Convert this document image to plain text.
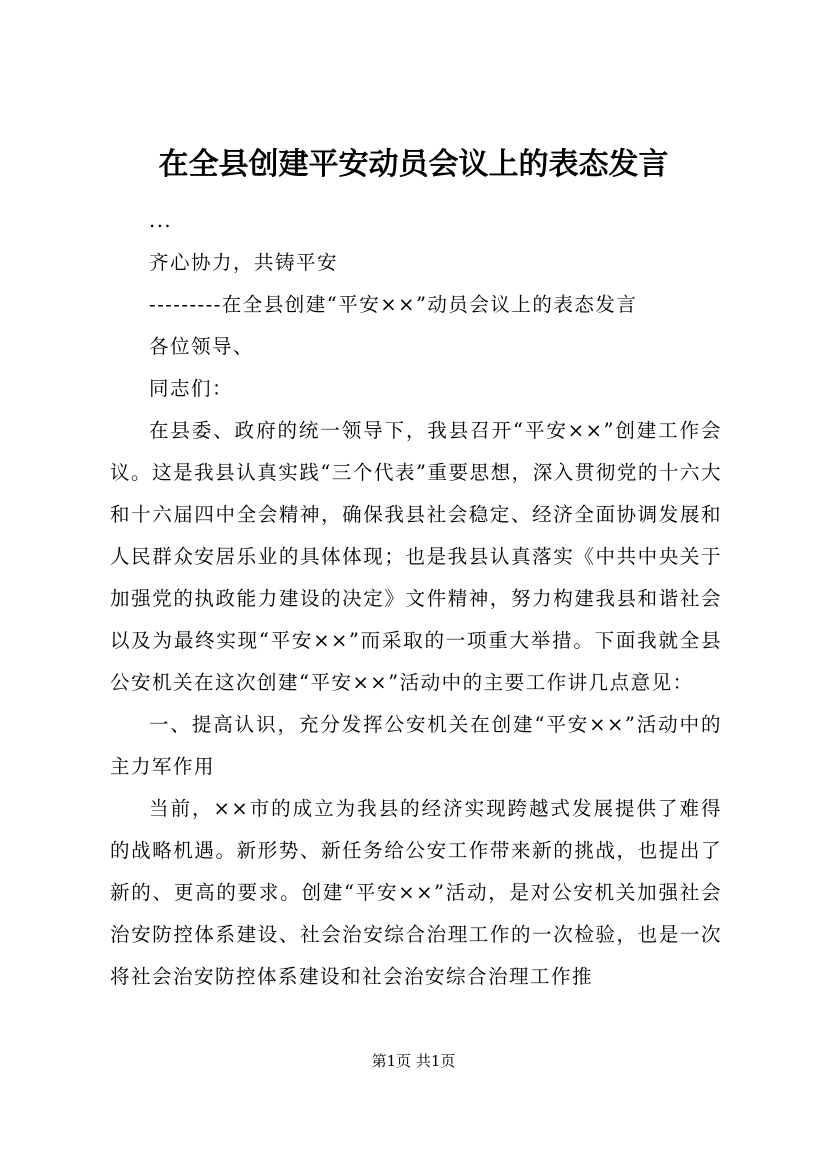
在全县创建平安动员会议上的表态发言
...
齐心协力，共铸平安
---------在全县创建“平安××”动员会议上的表态发言
各位领导、
同志们：
在县委、政府的统一领导下，我县召开“平安××”创建工作会议。这是我县认真实践“三个代表”重要思想，深入贯彻党的十六大和十六届四中全会精神，确保我县社会稳定、经济全面协调发展和人民群众安居乐业的具体体现；也是我县认真落实《中共中央关于加强党的执政能力建设的决定》文件精神，努力构建我县和谐社会以及为最终实现“平安××”而采取的一项重大举措。下面我就全县公安机关在这次创建“平安××”活动中的主要工作讲几点意见：
一、提高认识，充分发挥公安机关在创建“平安××”活动中的主力军作用
当前，××市的成立为我县的经济实现跨越式发展提供了难得的战略机遇。新形势、新任务给公安工作带来新的挑战，也提出了新的、更高的要求。创建“平安××”活动，是对公安机关加强社会治安防控体系建设、社会治安综合治理工作的一次检验，也是一次将社会治安防控体系建设和社会治安综合治理工作推
第1页 共1页
